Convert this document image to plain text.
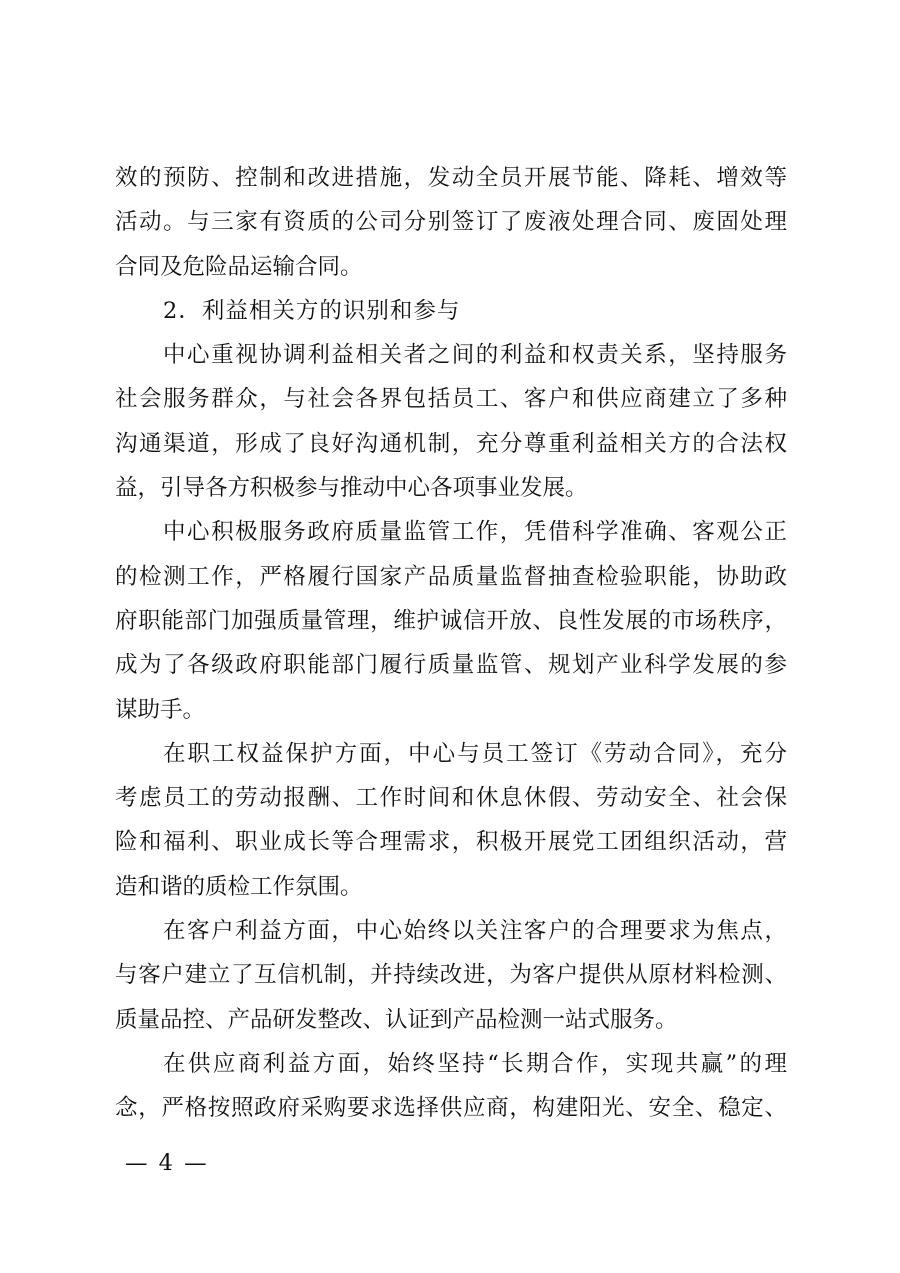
效的预防、控制和改进措施，发动全员开展节能、降耗、增效等
活动。与三家有资质的公司分别签订了废液处理合同、废固处理
合同及危险品运输合同。
2．利益相关方的识别和参与
中心重视协调利益相关者之间的利益和权责关系，坚持服务
社会服务群众，与社会各界包括员工、客户和供应商建立了多种
沟通渠道，形成了良好沟通机制，充分尊重利益相关方的合法权
益，引导各方积极参与推动中心各项事业发展。
中心积极服务政府质量监管工作，凭借科学准确、客观公正
的检测工作，严格履行国家产品质量监督抽查检验职能，协助政
府职能部门加强质量管理，维护诚信开放、良性发展的市场秩序，
成为了各级政府职能部门履行质量监管、规划产业科学发展的参
谋助手。
在职工权益保护方面，中心与员工签订《劳动合同》，充分
考虑员工的劳动报酬、工作时间和休息休假、劳动安全、社会保
险和福利、职业成长等合理需求，积极开展党工团组织活动，营
造和谐的质检工作氛围。
在客户利益方面，中心始终以关注客户的合理要求为焦点，
与客户建立了互信机制，并持续改进，为客户提供从原材料检测、
质量品控、产品研发整改、认证到产品检测一站式服务。
在供应商利益方面，始终坚持“长期合作，实现共赢”的理
念，严格按照政府采购要求选择供应商，构建阳光、安全、稳定、
— 4 —
